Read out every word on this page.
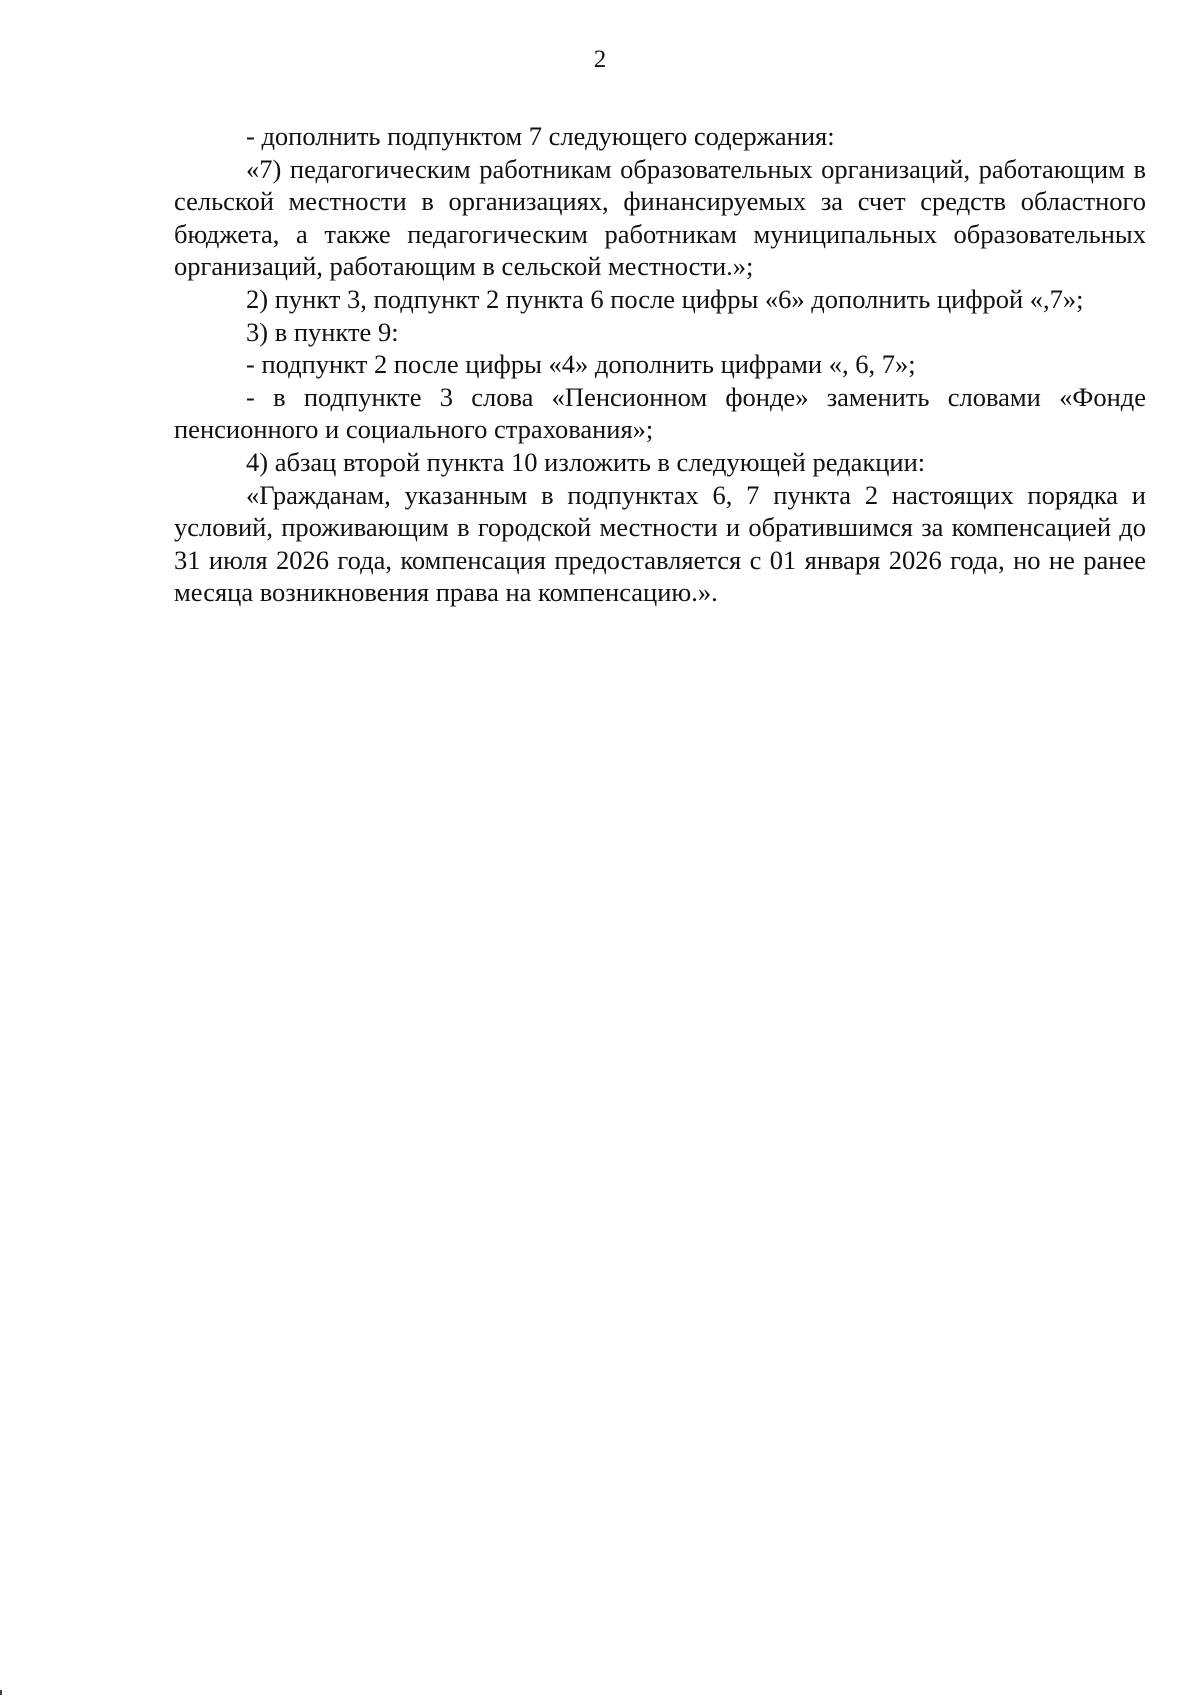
2

- дополнить подпунктом 7 следующего содержания:

«7) педагогическим работникам образовательных организаций, работающим в сельской местности в организациях, финансируемых за счет средств областного бюджета, а также педагогическим работникам муниципальных образовательных организаций, работающим в сельской местности.»;

2) пункт 3, подпункт 2 пункта 6 после цифры «6» дополнить цифрой «,7»;

3) в пункте 9:

- подпункт 2 после цифры «4» дополнить цифрами «, 6, 7»;

- в подпункте 3 слова «Пенсионном фонде» заменить словами «Фонде пенсионного и социального страхования»;

4) абзац второй пункта 10 изложить в следующей редакции:

«Гражданам, указанным в подпунктах 6, 7 пункта 2 настоящих порядка и условий, проживающим в городской местности и обратившимся за компенсацией до 31 июля 2026 года, компенсация предоставляется с 01 января 2026 года, но не ранее месяца возникновения права на компенсацию.».
